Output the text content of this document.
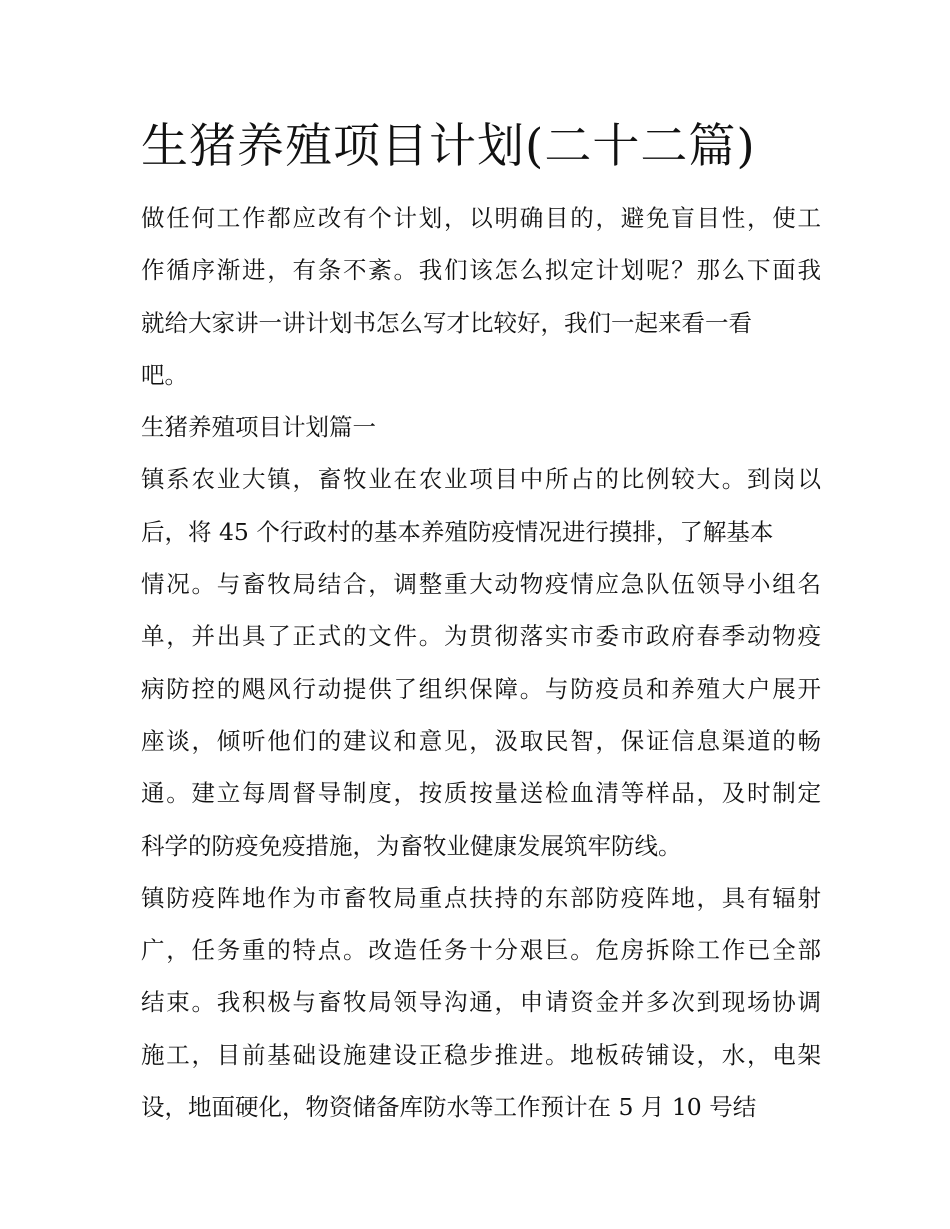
生猪养殖项目计划(二十二篇)
做任何工作都应改有个计划，以明确目的，避免盲目性，使工
作循序渐进，有条不紊。我们该怎么拟定计划呢？那么下面我
就给大家讲一讲计划书怎么写才比较好，我们一起来看一看
吧。
生猪养殖项目计划篇一
镇系农业大镇，畜牧业在农业项目中所占的比例较大。到岗以
后，将 45 个行政村的基本养殖防疫情况进行摸排，了解基本
情况。与畜牧局结合，调整重大动物疫情应急队伍领导小组名
单，并出具了正式的文件。为贯彻落实市委市政府春季动物疫
病防控的飓风行动提供了组织保障。与防疫员和养殖大户展开
座谈，倾听他们的建议和意见，汲取民智，保证信息渠道的畅
通。建立每周督导制度，按质按量送检血清等样品，及时制定
科学的防疫免疫措施，为畜牧业健康发展筑牢防线。
镇防疫阵地作为市畜牧局重点扶持的东部防疫阵地，具有辐射
广，任务重的特点。改造任务十分艰巨。危房拆除工作已全部
结束。我积极与畜牧局领导沟通，申请资金并多次到现场协调
施工，目前基础设施建设正稳步推进。地板砖铺设，水，电架
设，地面硬化，物资储备库防水等工作预计在 5 月 10 号结
